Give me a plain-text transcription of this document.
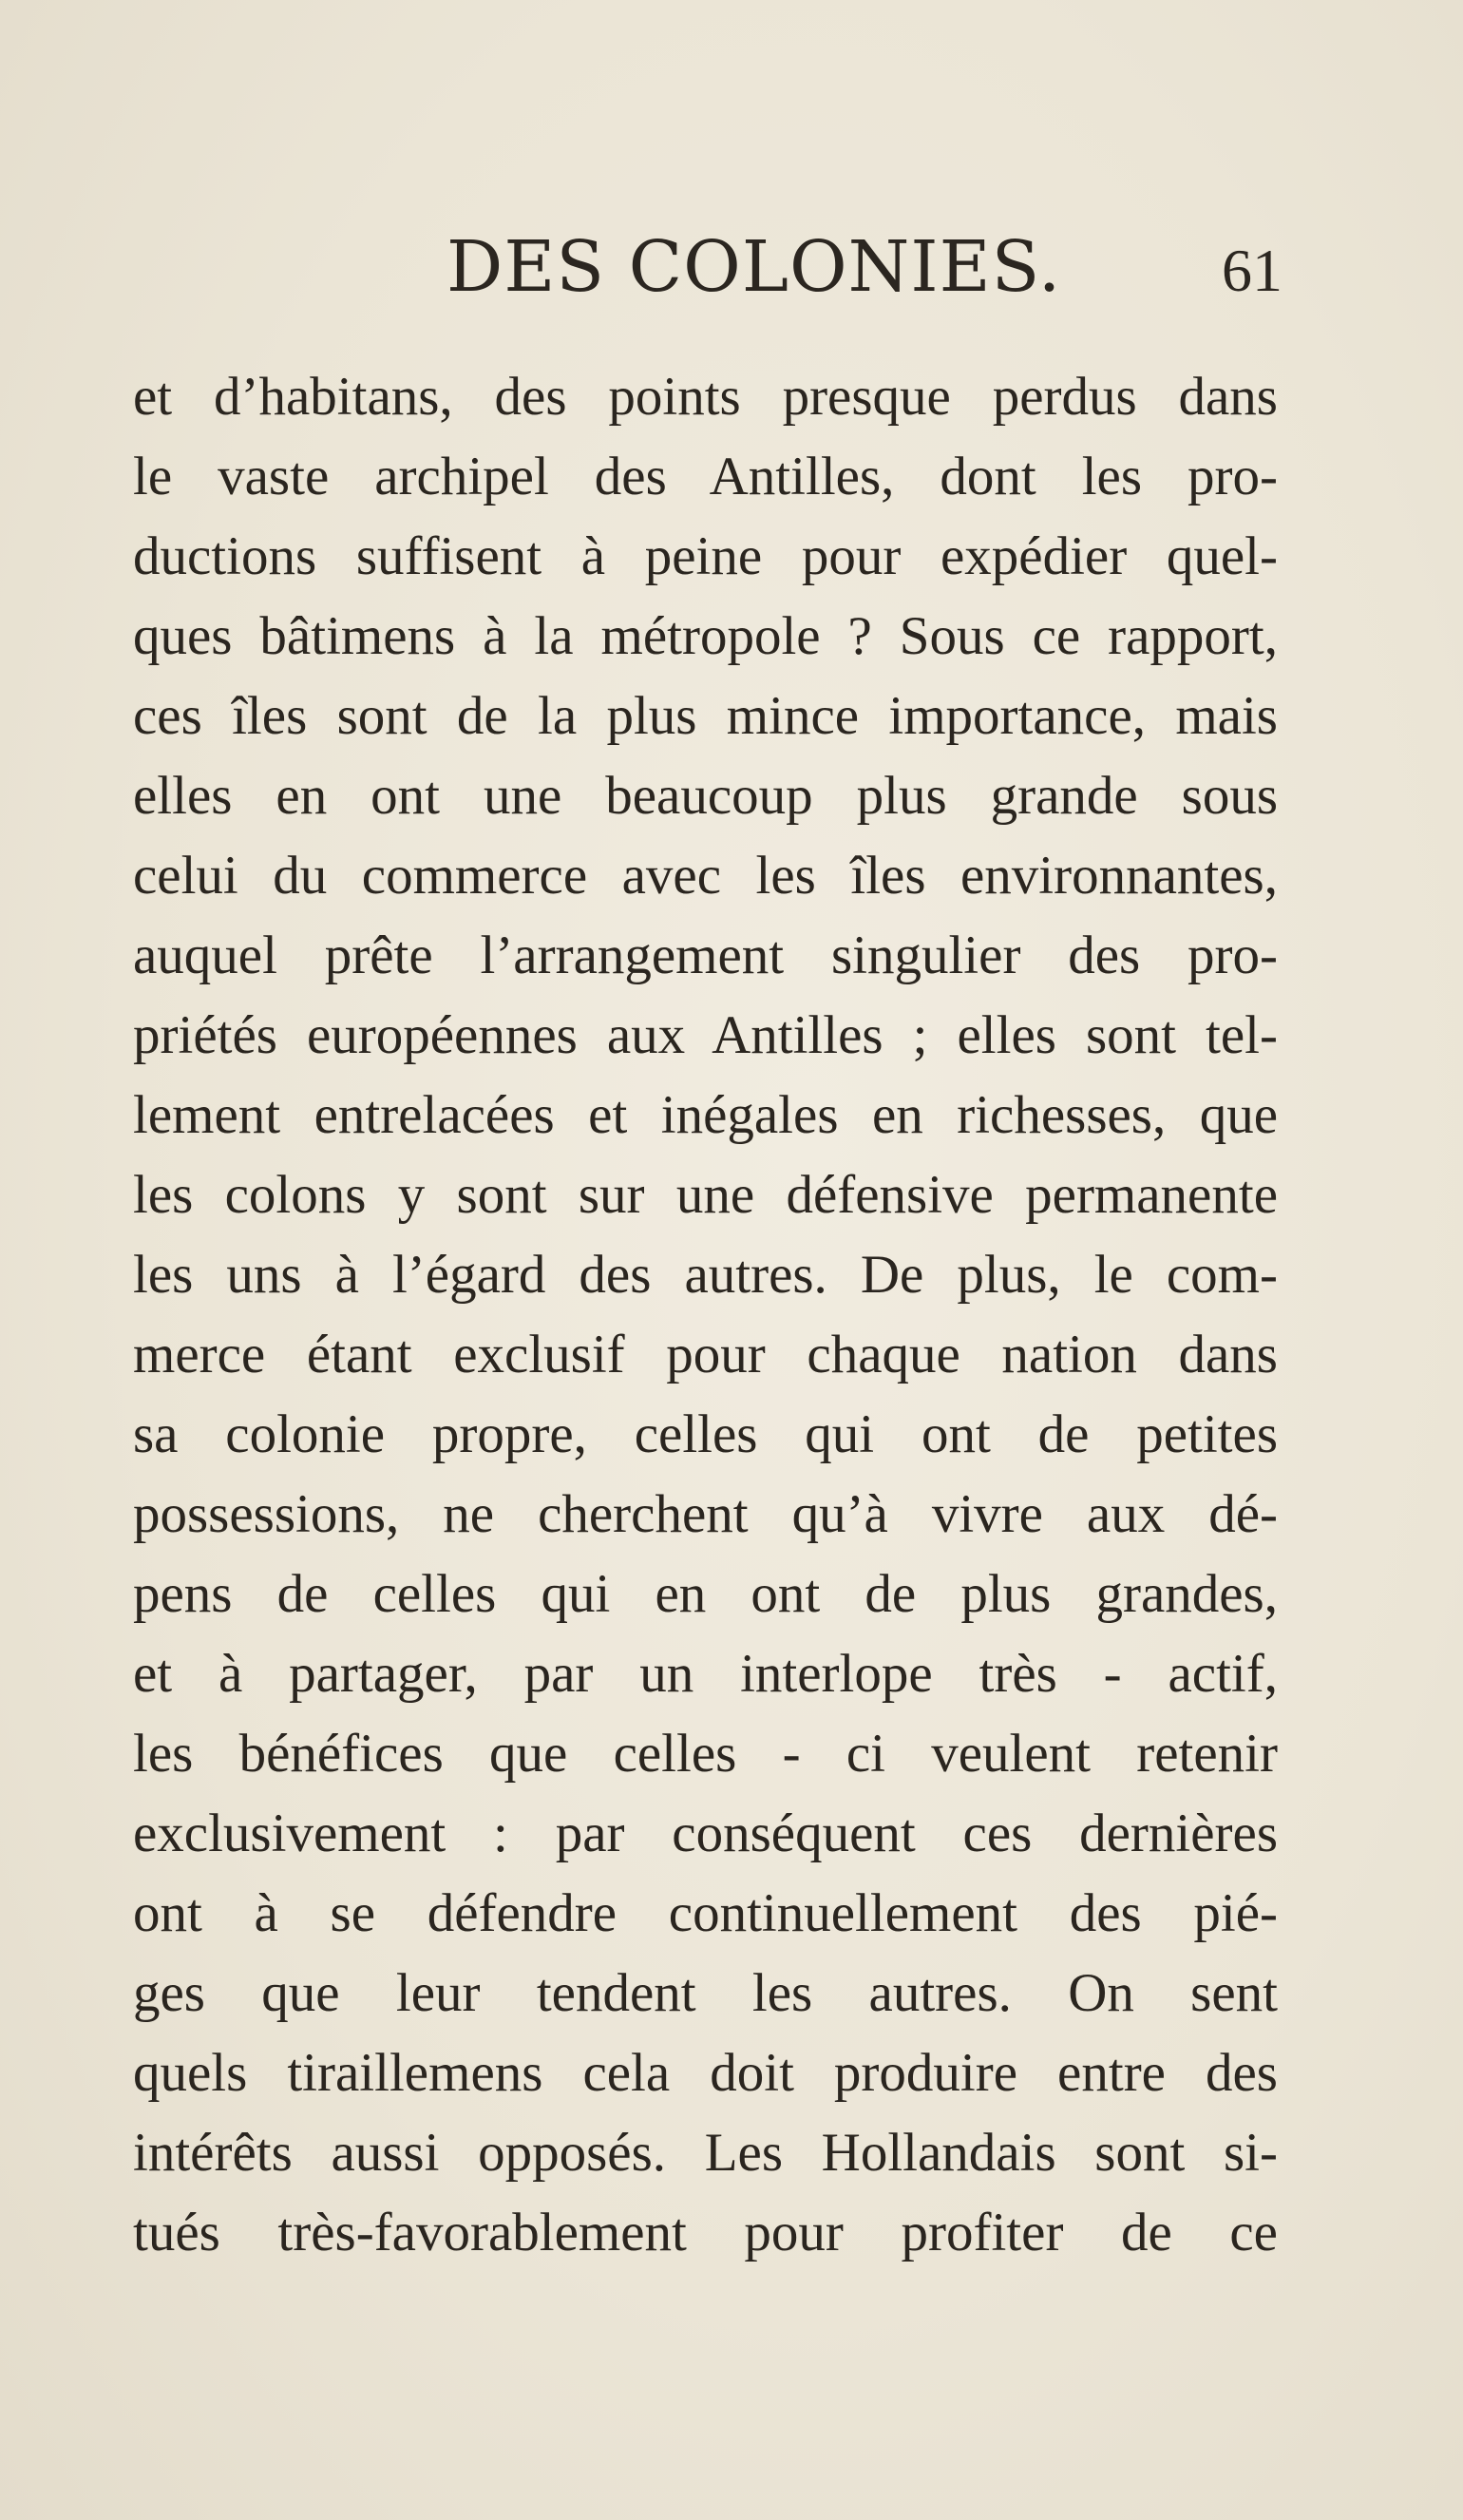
DES COLONIES.	61
et d’habitans, des points presque perdus dans
le vaste archipel des Antilles, dont les pro-
ductions suffisent à peine pour expédier quel-
ques bâtimens à la métropole ? Sous ce rapport,
ces îles sont de la plus mince importance, mais
elles en ont une beaucoup plus grande sous
celui du commerce avec les îles environnantes,
auquel prête l’arrangement singulier des pro-
priétés européennes aux Antilles ; elles sont tel-
lement entrelacées et inégales en richesses, que
les colons y sont sur une défensive permanente
les uns à l’égard des autres. De plus, le com-
merce étant exclusif pour chaque nation dans
sa colonie propre, celles qui ont de petites
possessions, ne cherchent qu’à vivre aux dé-
pens de celles qui en ont de plus grandes,
et à partager, par un interlope très - actif,
les bénéfices que celles - ci veulent retenir
exclusivement : par conséquent ces dernières
ont à se défendre continuellement des pié-
ges que leur tendent les autres. On sent
quels tiraillemens cela doit produire entre des
intérêts aussi opposés. Les Hollandais sont si-
tués très-favorablement pour profiter de ce
